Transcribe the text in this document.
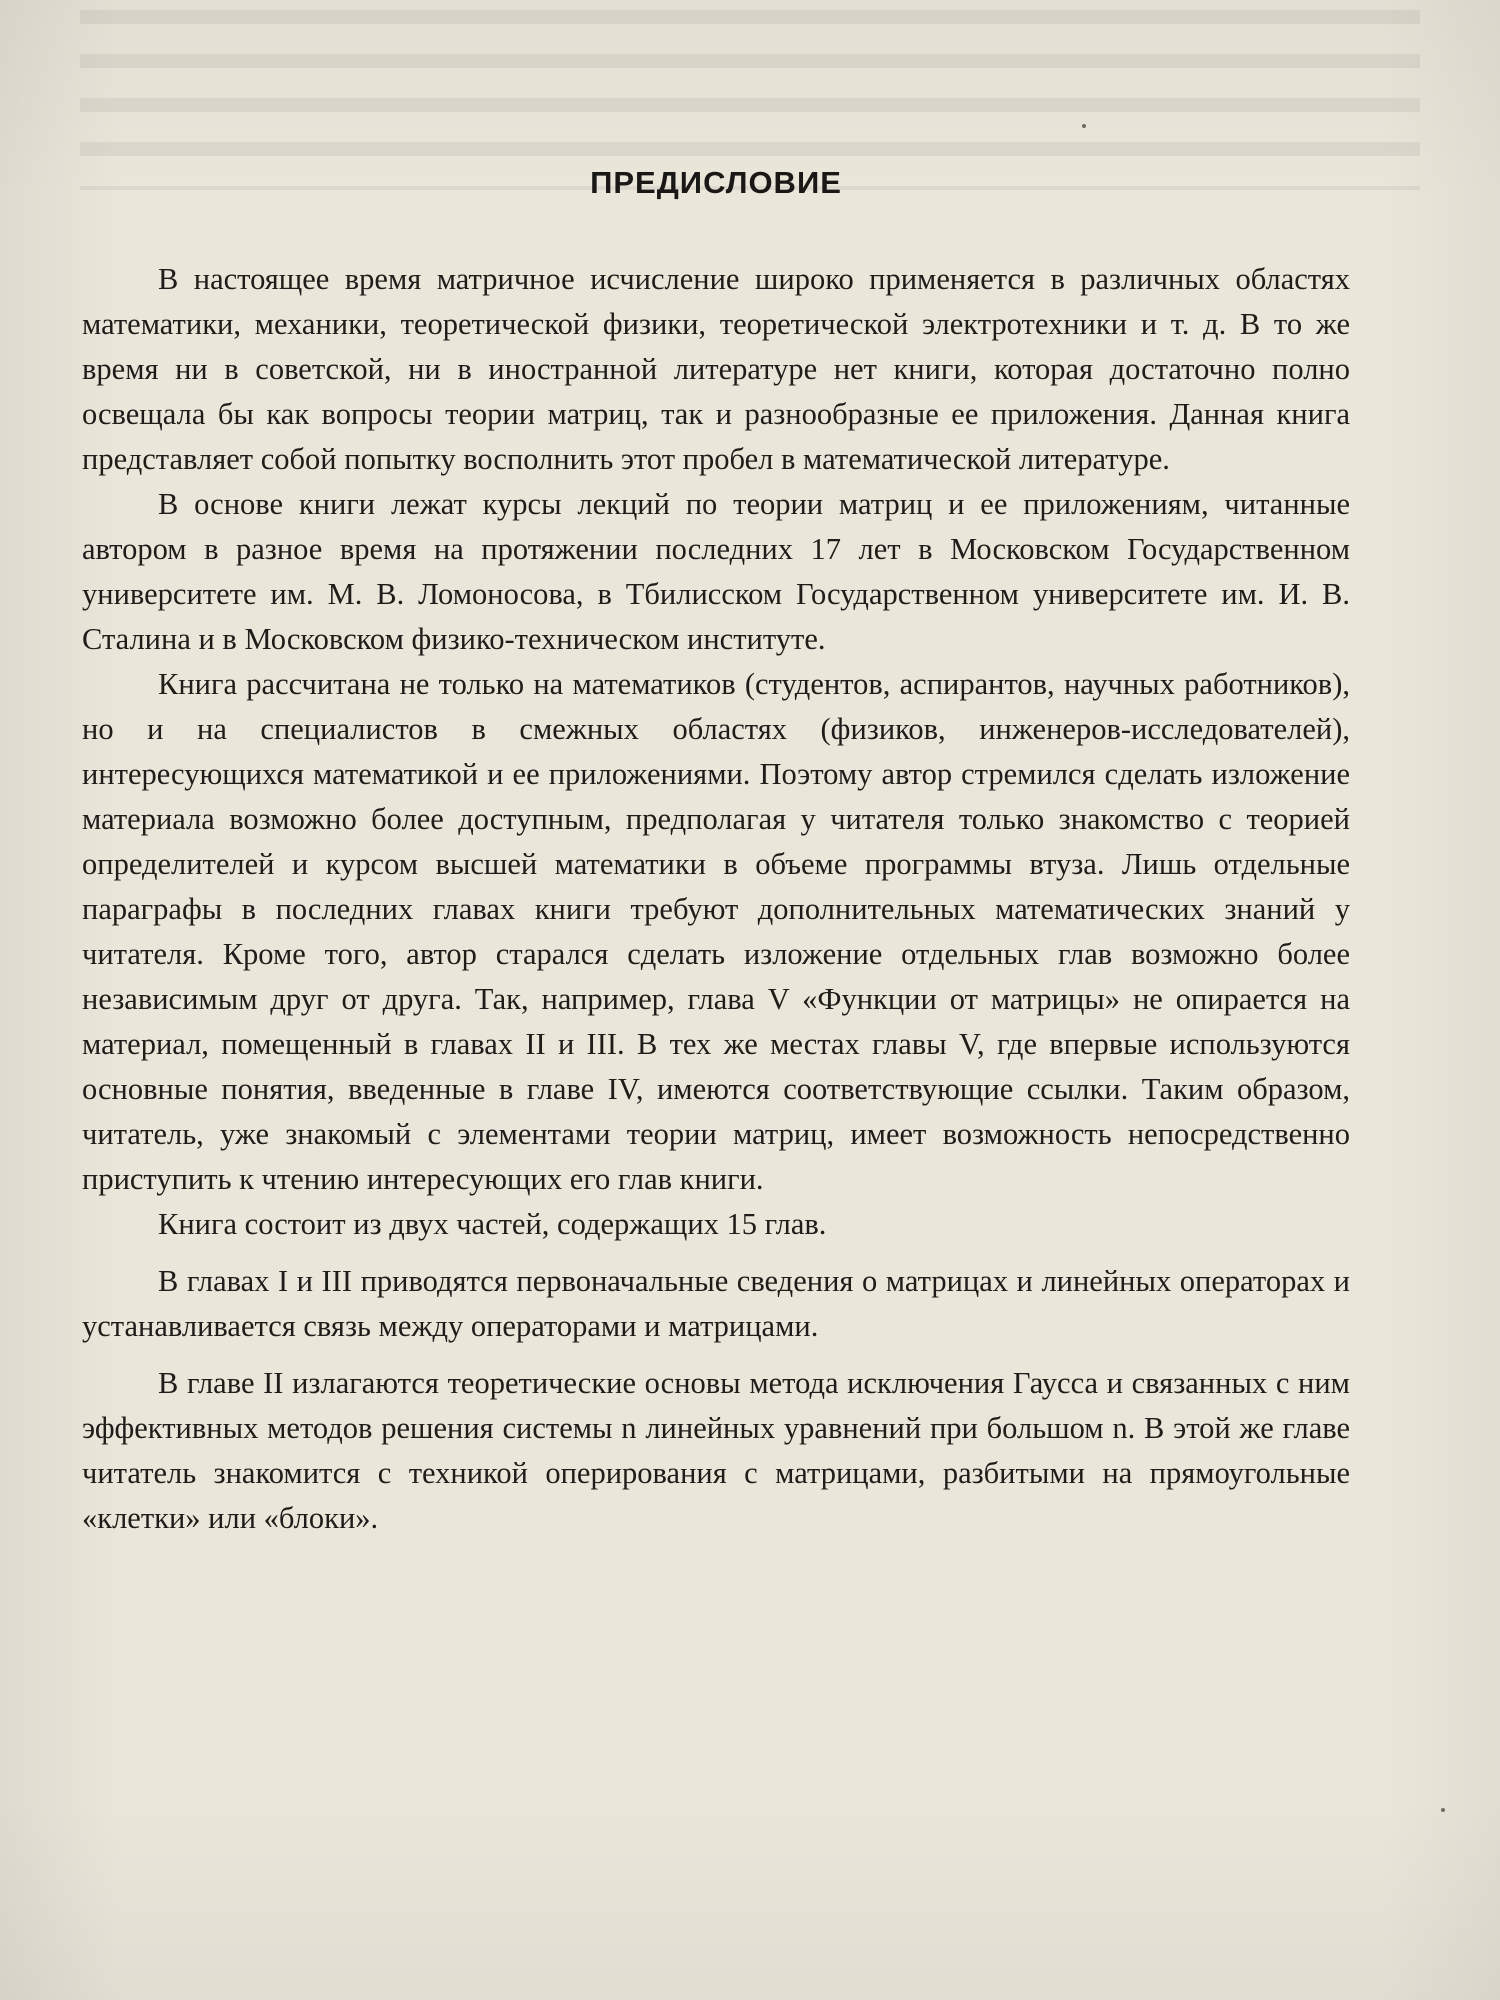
ПРЕДИСЛОВИЕ

В настоящее время матричное исчисление широко применяется в различных областях математики, механики, теоретической физики, теоретической электротехники и т. д. В то же время ни в советской, ни в иностранной литературе нет книги, которая достаточно полно освещала бы как вопросы теории матриц, так и разнообразные ее приложения. Данная книга представляет собой попытку восполнить этот пробел в математической литературе.

В основе книги лежат курсы лекций по теории матриц и ее приложениям, читанные автором в разное время на протяжении последних 17 лет в Московском Государственном университете им. М. В. Ломоносова, в Тбилисском Государственном университете им. И. В. Сталина и в Московском физико-техническом институте.

Книга рассчитана не только на математиков (студентов, аспирантов, научных работников), но и на специалистов в смежных областях (физиков, инженеров-исследователей), интересующихся математикой и ее приложениями. Поэтому автор стремился сделать изложение материала возможно более доступным, предполагая у читателя только знакомство с теорией определителей и курсом высшей математики в объеме программы втуза. Лишь отдельные параграфы в последних главах книги требуют дополнительных математических знаний у читателя. Кроме того, автор старался сделать изложение отдельных глав возможно более независимым друг от друга. Так, например, глава V «Функции от матрицы» не опирается на материал, помещенный в главах II и III. В тех же местах главы V, где впервые используются основные понятия, введенные в главе IV, имеются соответствующие ссылки. Таким образом, читатель, уже знакомый с элементами теории матриц, имеет возможность непосредственно приступить к чтению интересующих его глав книги.

Книга состоит из двух частей, содержащих 15 глав.

В главах I и III приводятся первоначальные сведения о матрицах и линейных операторах и устанавливается связь между операторами и матрицами.

В главе II излагаются теоретические основы метода исключения Гаусса и связанных с ним эффективных методов решения системы n линейных уравнений при большом n. В этой же главе читатель знакомится с техникой оперирования с матрицами, разбитыми на прямоугольные «клетки» или «блоки».
